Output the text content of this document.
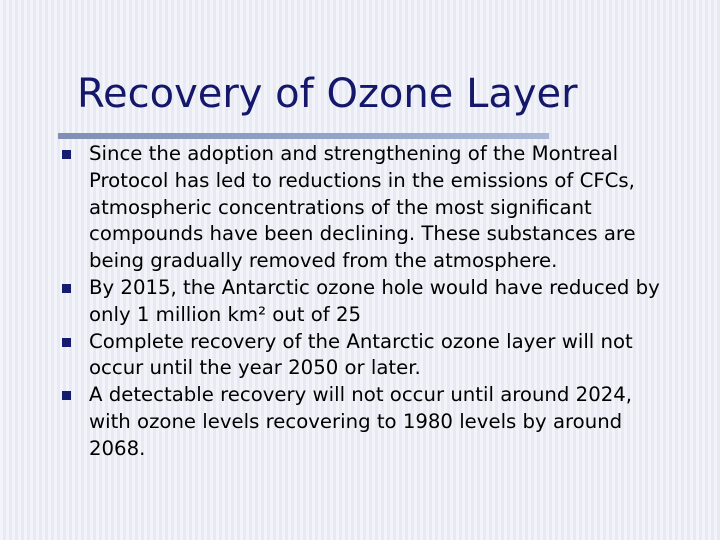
Recovery of Ozone Layer
Since the adoption and strengthening of the Montreal Protocol has led to reductions in the emissions of CFCs, atmospheric concentrations of the most significant compounds have been declining. These substances are being gradually removed from the atmosphere.
By 2015, the Antarctic ozone hole would have reduced by only 1 million km² out of 25
Complete recovery of the Antarctic ozone layer will not occur until the year 2050 or later.
A detectable recovery will not occur until around 2024, with ozone levels recovering to 1980 levels by around 2068.
